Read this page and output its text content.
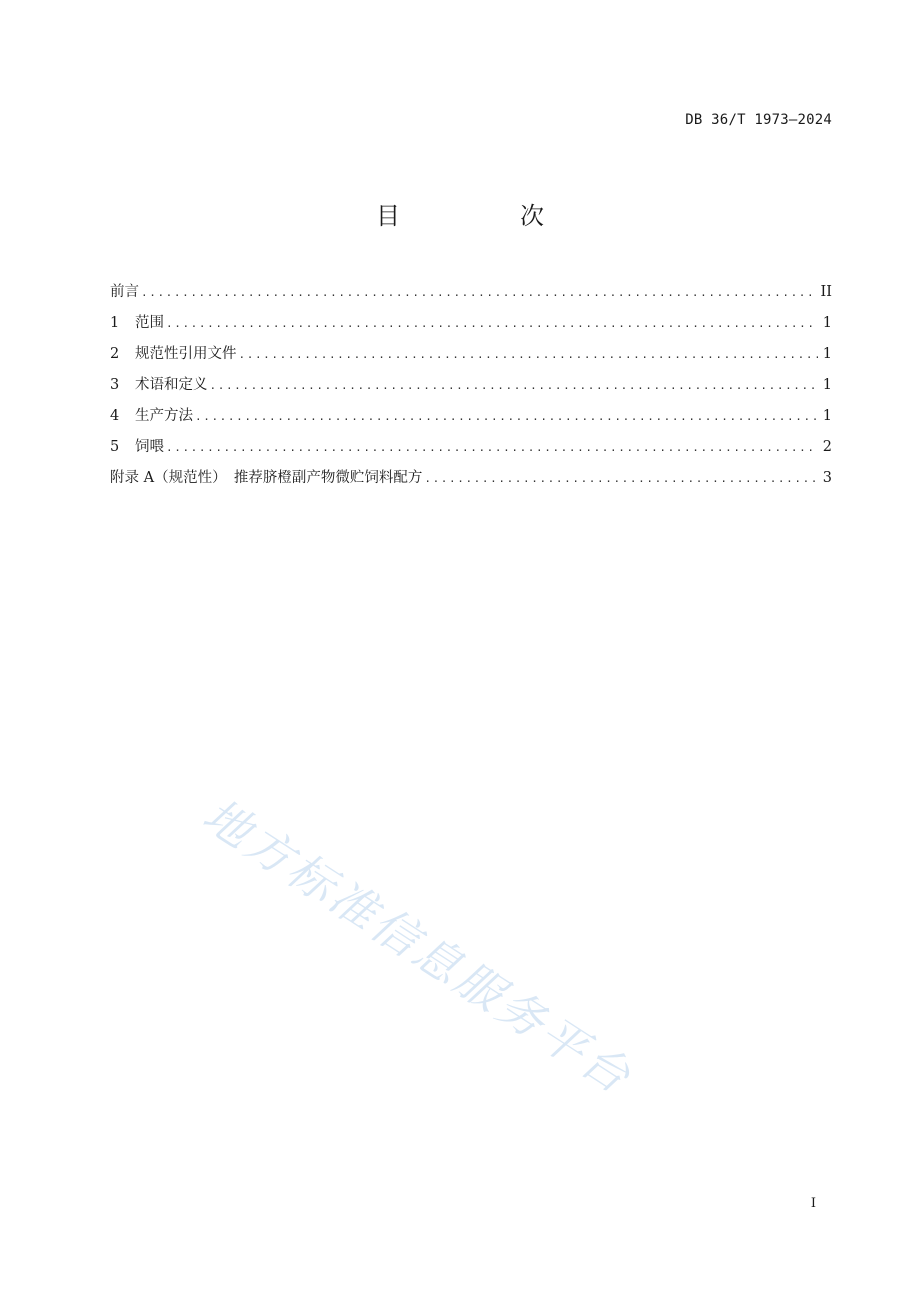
DB 36/T 1973—2024
目　次
前言 .....	II
1	范围 .....	1
2	规范性引用文件 .....	1
3	术语和定义 .....	1
4	生产方法 .....	1
5	饲喂 .....	2
附录 A（规范性）　推荐脐橙副产物微贮饲料配方 .....	3
地方标准信息服务平台
I
